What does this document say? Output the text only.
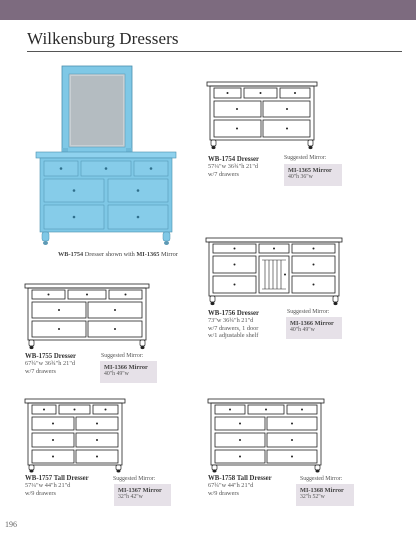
Wilkensburg Dressers
WB-1754 Dresser shown with MI-1365 Mirror
WB-1754 Dresser
57¼"w 36¾"h 21"d
w/7 drawers
Suggested Mirror:
MI-1365 Mirror
40"h 36"w
WB-1756 Dresser
73"w 36¾"h 21"d
w/7 drawers, 1 door
w/1 adjustable shelf
Suggested Mirror:
MI-1366 Mirror
40"h 49"w
WB-1755 Dresser
67¾"w 36¾"h 21"d
w/7 drawers
Suggested Mirror:
MI-1366 Mirror
40"h 49"w
WB-1757 Tall Dresser
57¼"w 44"h 21"d
w/9 drawers
Suggested Mirror:
MI-1367 Mirror
32"h 42"w
WB-1758 Tall Dresser
67¾"w 44"h 21"d
w/9 drawers
Suggested Mirror:
MI-1368 Mirror
32"h 52"w
196
